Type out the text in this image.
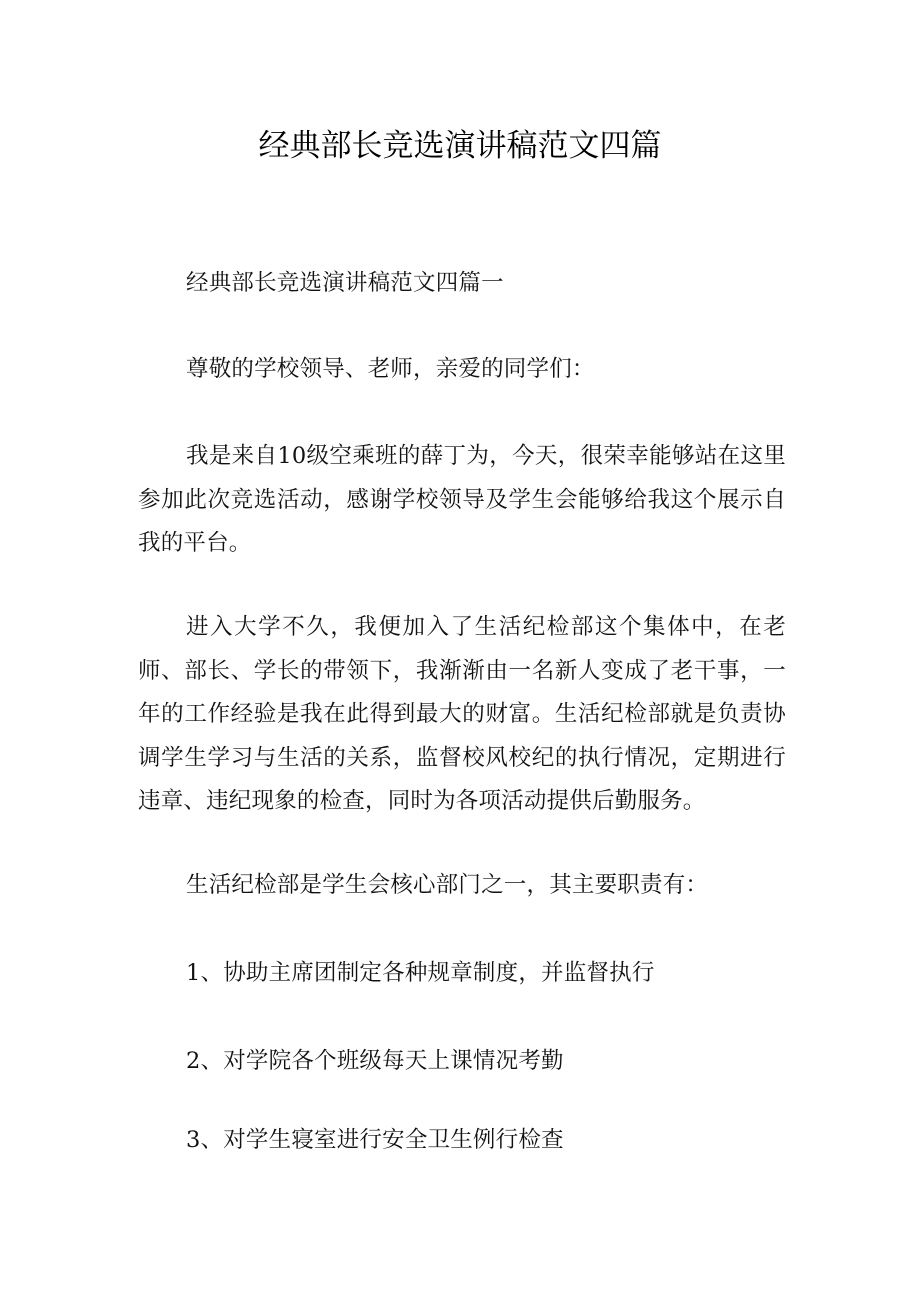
经典部长竞选演讲稿范文四篇

经典部长竞选演讲稿范文四篇一

尊敬的学校领导、老师，亲爱的同学们：

我是来自10级空乘班的薛丁为，今天，很荣幸能够站在这里参加此次竞选活动，感谢学校领导及学生会能够给我这个展示自我的平台。

进入大学不久，我便加入了生活纪检部这个集体中，在老师、部长、学长的带领下，我渐渐由一名新人变成了老干事，一年的工作经验是我在此得到最大的财富。生活纪检部就是负责协调学生学习与生活的关系，监督校风校纪的执行情况，定期进行违章、违纪现象的检查，同时为各项活动提供后勤服务。

生活纪检部是学生会核心部门之一，其主要职责有：

1、协助主席团制定各种规章制度，并监督执行

2、对学院各个班级每天上课情况考勤

3、对学生寝室进行安全卫生例行检查
